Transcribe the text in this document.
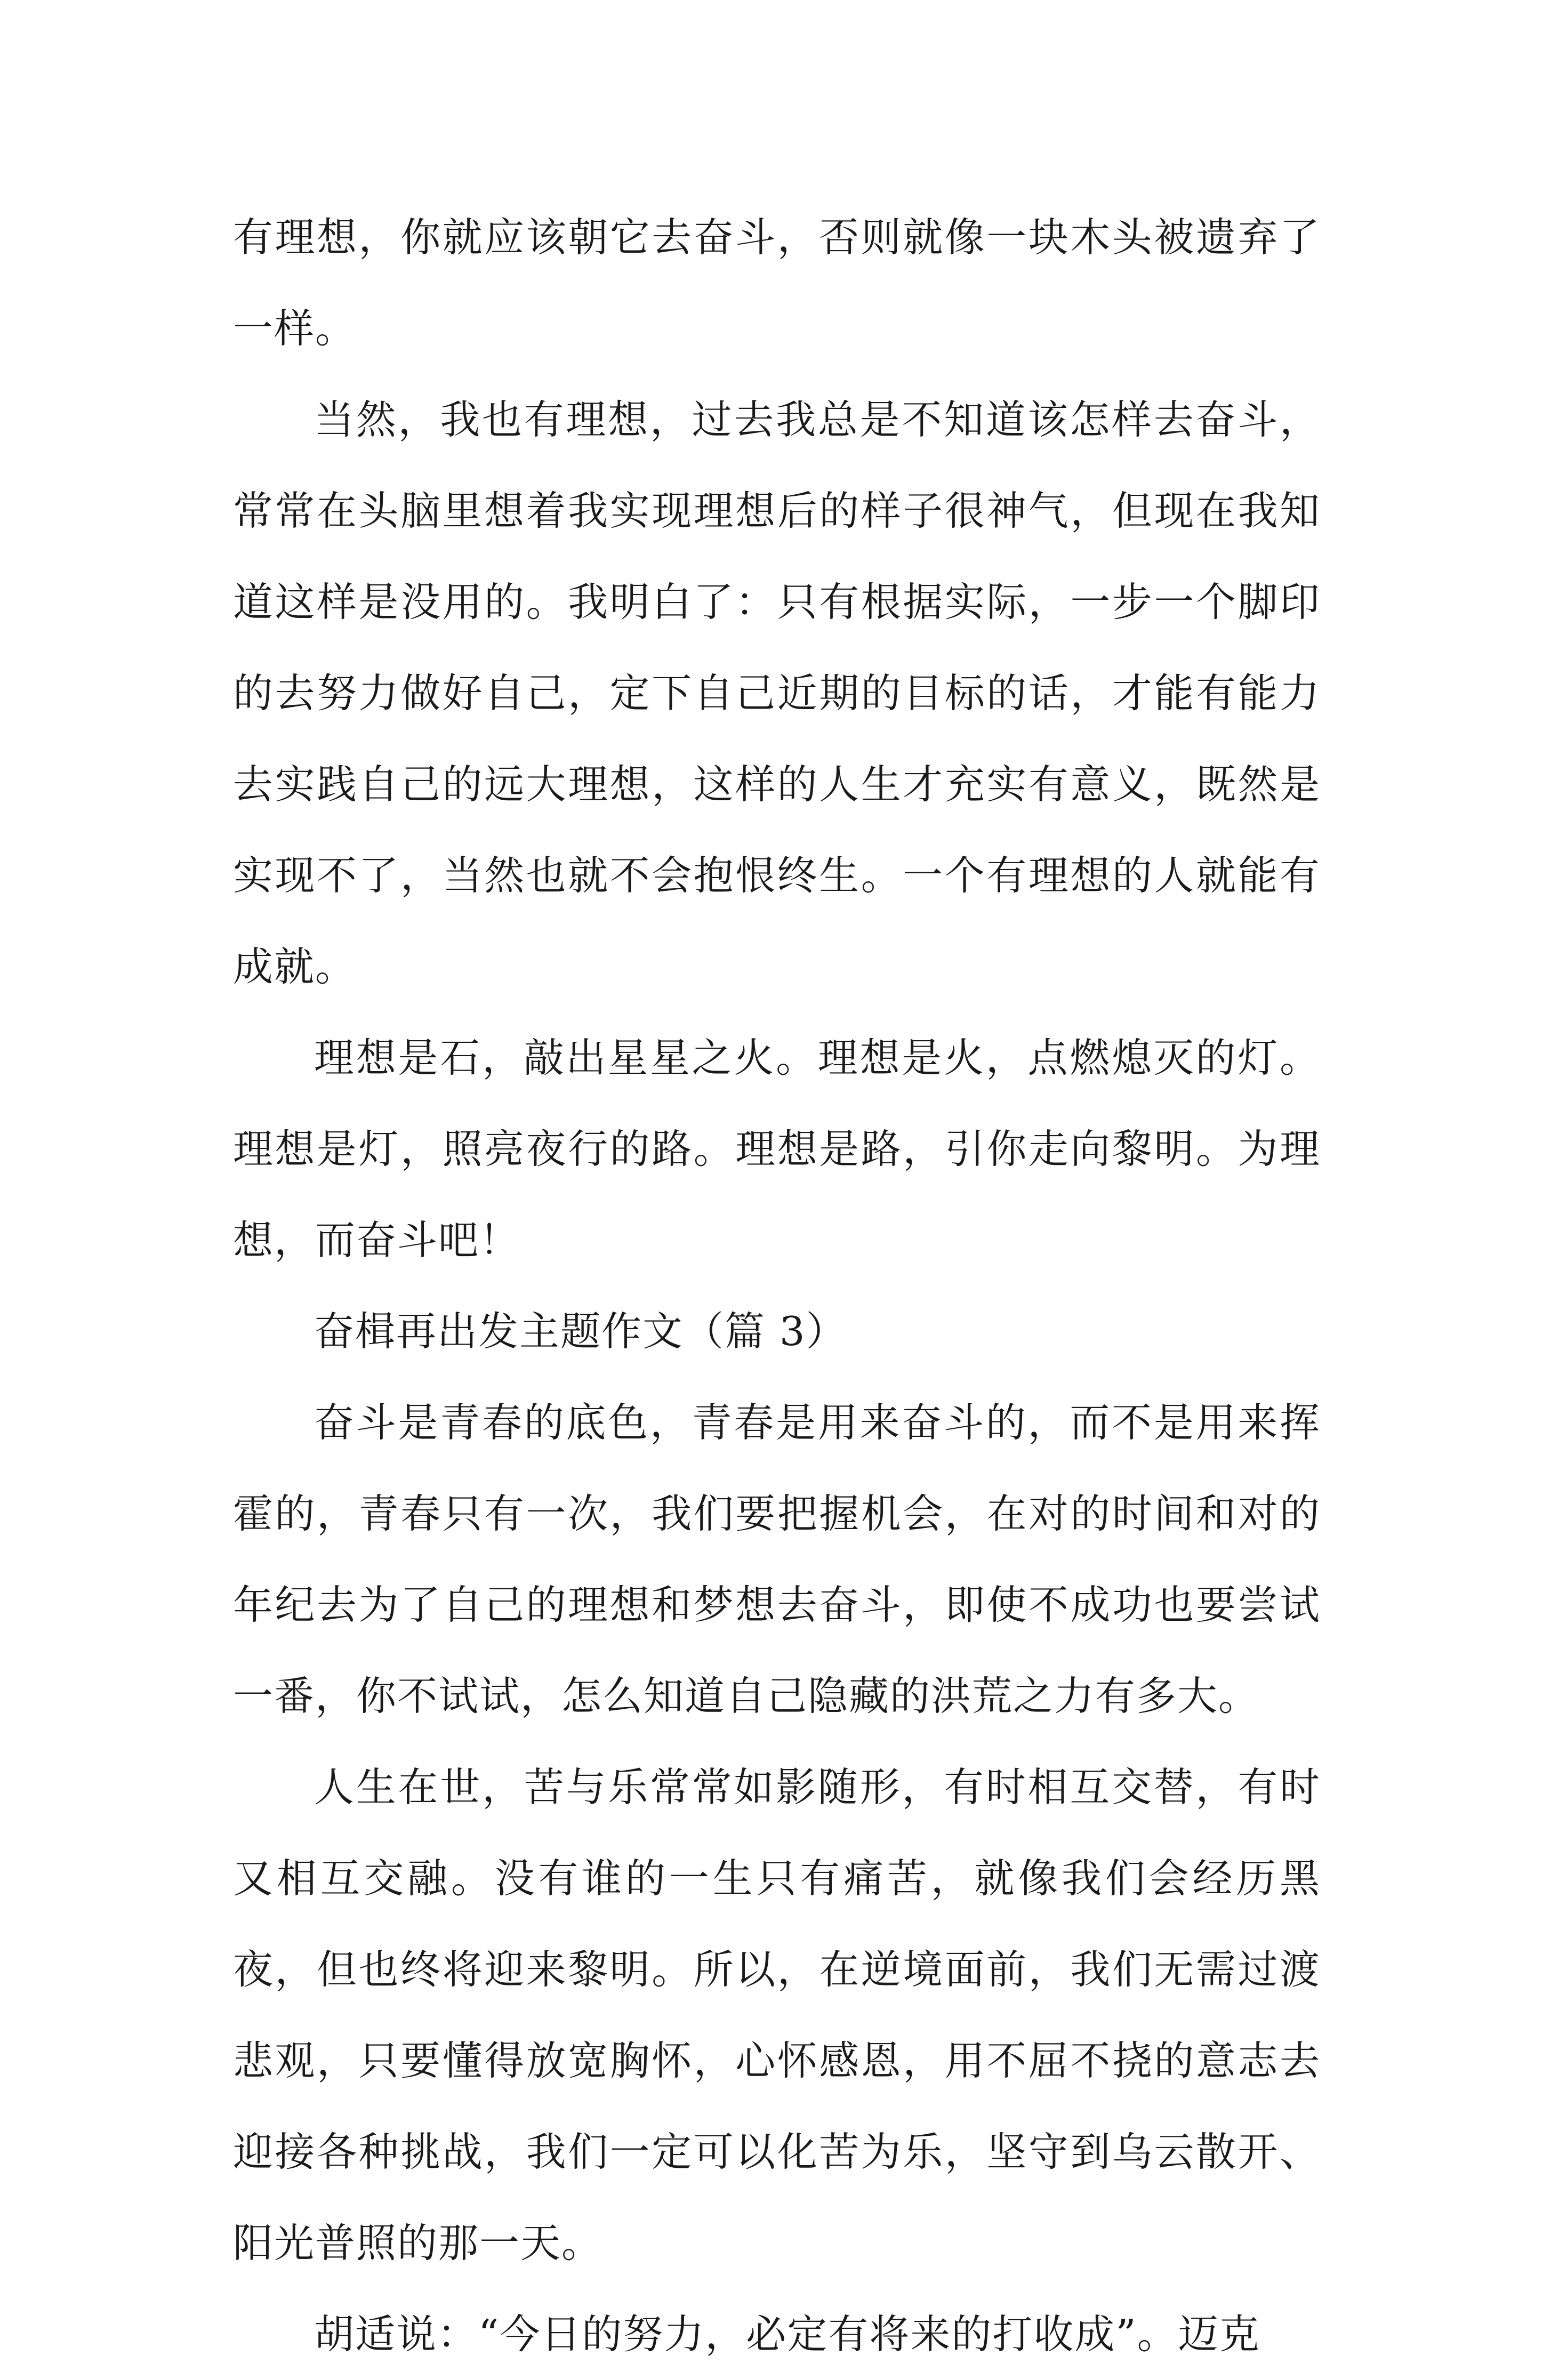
有理想，你就应该朝它去奋斗，否则就像一块木头被遗弃了一样。

当然，我也有理想，过去我总是不知道该怎样去奋斗，常常在头脑里想着我实现理想后的样子很神气，但现在我知道这样是没用的。我明白了：只有根据实际，一步一个脚印的去努力做好自己，定下自己近期的目标的话，才能有能力去实践自己的远大理想，这样的人生才充实有意义，既然是实现不了，当然也就不会抱恨终生。一个有理想的人就能有成就。

理想是石，敲出星星之火。理想是火，点燃熄灭的灯。理想是灯，照亮夜行的路。理想是路，引你走向黎明。为理想，而奋斗吧！

奋楫再出发主题作文（篇 3）

奋斗是青春的底色，青春是用来奋斗的，而不是用来挥霍的，青春只有一次，我们要把握机会，在对的时间和对的年纪去为了自己的理想和梦想去奋斗，即使不成功也要尝试一番，你不试试，怎么知道自己隐藏的洪荒之力有多大。

人生在世，苦与乐常常如影随形，有时相互交替，有时又相互交融。没有谁的一生只有痛苦，就像我们会经历黑夜，但也终将迎来黎明。所以，在逆境面前，我们无需过渡悲观，只要懂得放宽胸怀，心怀感恩，用不屈不挠的意志去迎接各种挑战，我们一定可以化苦为乐，坚守到乌云散开、阳光普照的那一天。

胡适说：“今日的努力，必定有将来的打收成”。迈克
